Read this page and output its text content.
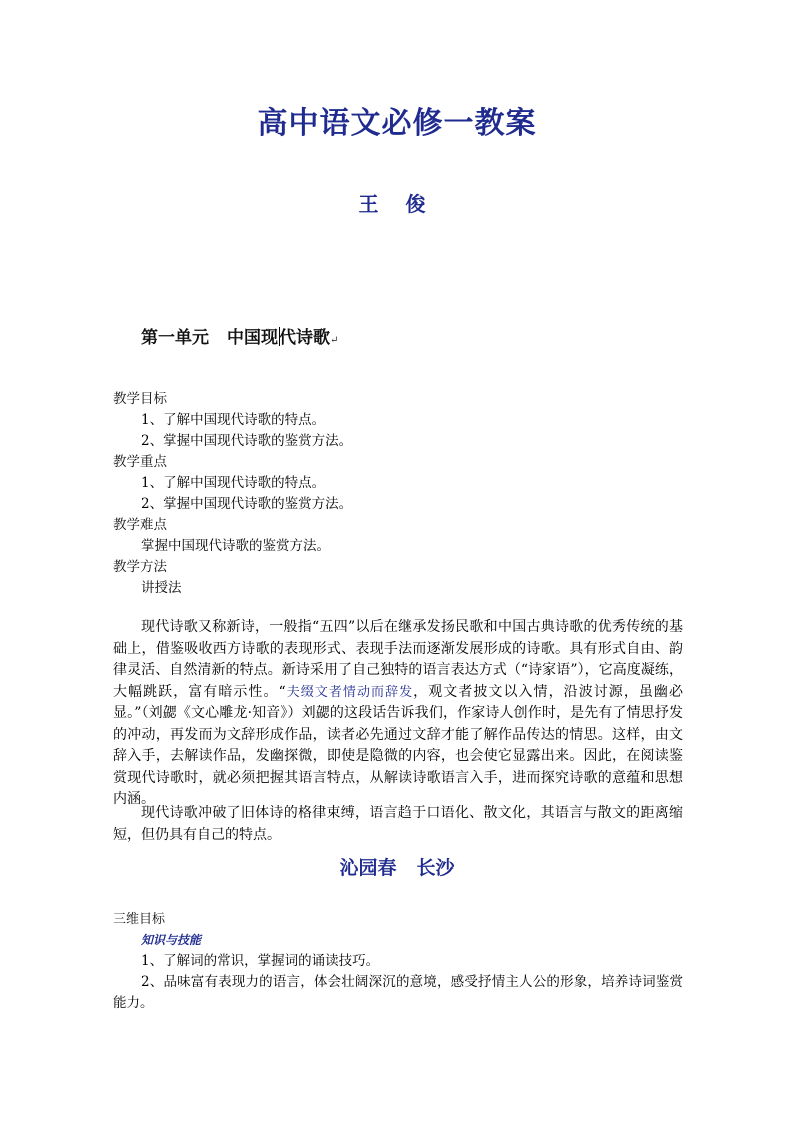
高中语文必修一教案
王 俊
第一单元 中国现代诗歌↵
教学目标
1、了解中国现代诗歌的特点。
2、掌握中国现代诗歌的鉴赏方法。
教学重点
1、了解中国现代诗歌的特点。
2、掌握中国现代诗歌的鉴赏方法。
教学难点
掌握中国现代诗歌的鉴赏方法。
教学方法
讲授法

现代诗歌又称新诗，一般指“五四”以后在继承发扬民歌和中国古典诗歌的优秀传统的基础上，借鉴吸收西方诗歌的表现形式、表现手法而逐渐发展形成的诗歌。具有形式自由、韵律灵活、自然清新的特点。新诗采用了自己独特的语言表达方式（“诗家语”），它高度凝练，大幅跳跃，富有暗示性。“夫缀文者情动而辞发，观文者披文以入情，沿波讨源，虽幽必显。”（刘勰《文心雕龙·知音》）刘勰的这段话告诉我们，作家诗人创作时，是先有了情思抒发的冲动，再发而为文辞形成作品，读者必先通过文辞才能了解作品传达的情思。这样，由文辞入手，去解读作品，发幽探微，即使是隐微的内容，也会使它显露出来。因此，在阅读鉴赏现代诗歌时，就必须把握其语言特点，从解读诗歌语言入手，进而探究诗歌的意蕴和思想内涵。

现代诗歌冲破了旧体诗的格律束缚，语言趋于口语化、散文化，其语言与散文的距离缩短，但仍具有自己的特点。

沁园春 长沙
三维目标
知识与技能
1、了解词的常识，掌握词的诵读技巧。
2、品味富有表现力的语言，体会壮阔深沉的意境，感受抒情主人公的形象，培养诗词鉴赏能力。
